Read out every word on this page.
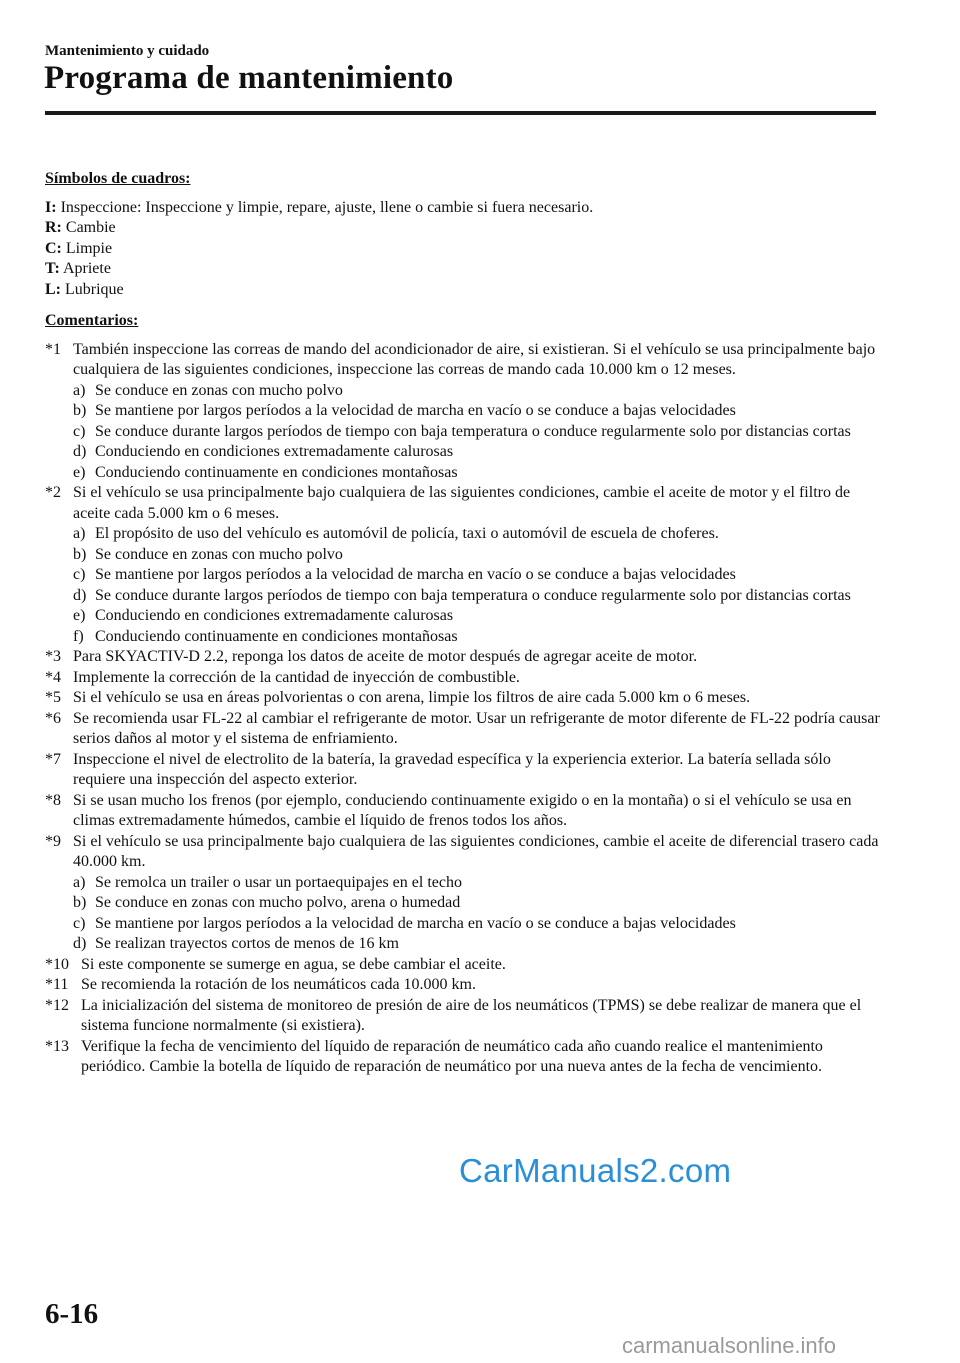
Mantenimiento y cuidado
Programa de mantenimiento
Símbolos de cuadros:
I: Inspeccione: Inspeccione y limpie, repare, ajuste, llene o cambie si fuera necesario.
R: Cambie
C: Limpie
T: Apriete
L: Lubrique
Comentarios:
*1 También inspeccione las correas de mando del acondicionador de aire, si existieran. Si el vehículo se usa principalmente bajo cualquiera de las siguientes condiciones, inspeccione las correas de mando cada 10.000 km o 12 meses.
a) Se conduce en zonas con mucho polvo
b) Se mantiene por largos períodos a la velocidad de marcha en vacío o se conduce a bajas velocidades
c) Se conduce durante largos períodos de tiempo con baja temperatura o conduce regularmente solo por distancias cortas
d) Conduciendo en condiciones extremadamente calurosas
e) Conduciendo continuamente en condiciones montañosas
*2 Si el vehículo se usa principalmente bajo cualquiera de las siguientes condiciones, cambie el aceite de motor y el filtro de aceite cada 5.000 km o 6 meses.
a) El propósito de uso del vehículo es automóvil de policía, taxi o automóvil de escuela de choferes.
b) Se conduce en zonas con mucho polvo
c) Se mantiene por largos períodos a la velocidad de marcha en vacío o se conduce a bajas velocidades
d) Se conduce durante largos períodos de tiempo con baja temperatura o conduce regularmente solo por distancias cortas
e) Conduciendo en condiciones extremadamente calurosas
f) Conduciendo continuamente en condiciones montañosas
*3 Para SKYACTIV-D 2.2, reponga los datos de aceite de motor después de agregar aceite de motor.
*4 Implemente la corrección de la cantidad de inyección de combustible.
*5 Si el vehículo se usa en áreas polvorientas o con arena, limpie los filtros de aire cada 5.000 km o 6 meses.
*6 Se recomienda usar FL-22 al cambiar el refrigerante de motor. Usar un refrigerante de motor diferente de FL-22 podría causar serios daños al motor y el sistema de enfriamiento.
*7 Inspeccione el nivel de electrolito de la batería, la gravedad específica y la experiencia exterior. La batería sellada sólo requiere una inspección del aspecto exterior.
*8 Si se usan mucho los frenos (por ejemplo, conduciendo continuamente exigido o en la montaña) o si el vehículo se usa en climas extremadamente húmedos, cambie el líquido de frenos todos los años.
*9 Si el vehículo se usa principalmente bajo cualquiera de las siguientes condiciones, cambie el aceite de diferencial trasero cada 40.000 km.
a) Se remolca un trailer o usar un portaequipajes en el techo
b) Se conduce en zonas con mucho polvo, arena o humedad
c) Se mantiene por largos períodos a la velocidad de marcha en vacío o se conduce a bajas velocidades
d) Se realizan trayectos cortos de menos de 16 km
*10 Si este componente se sumerge en agua, se debe cambiar el aceite.
*11 Se recomienda la rotación de los neumáticos cada 10.000 km.
*12 La inicialización del sistema de monitoreo de presión de aire de los neumáticos (TPMS) se debe realizar de manera que el sistema funcione normalmente (si existiera).
*13 Verifique la fecha de vencimiento del líquido de reparación de neumático cada año cuando realice el mantenimiento periódico. Cambie la botella de líquido de reparación de neumático por una nueva antes de la fecha de vencimiento.
CarManuals2.com
6-16
carmanualsonline.info
